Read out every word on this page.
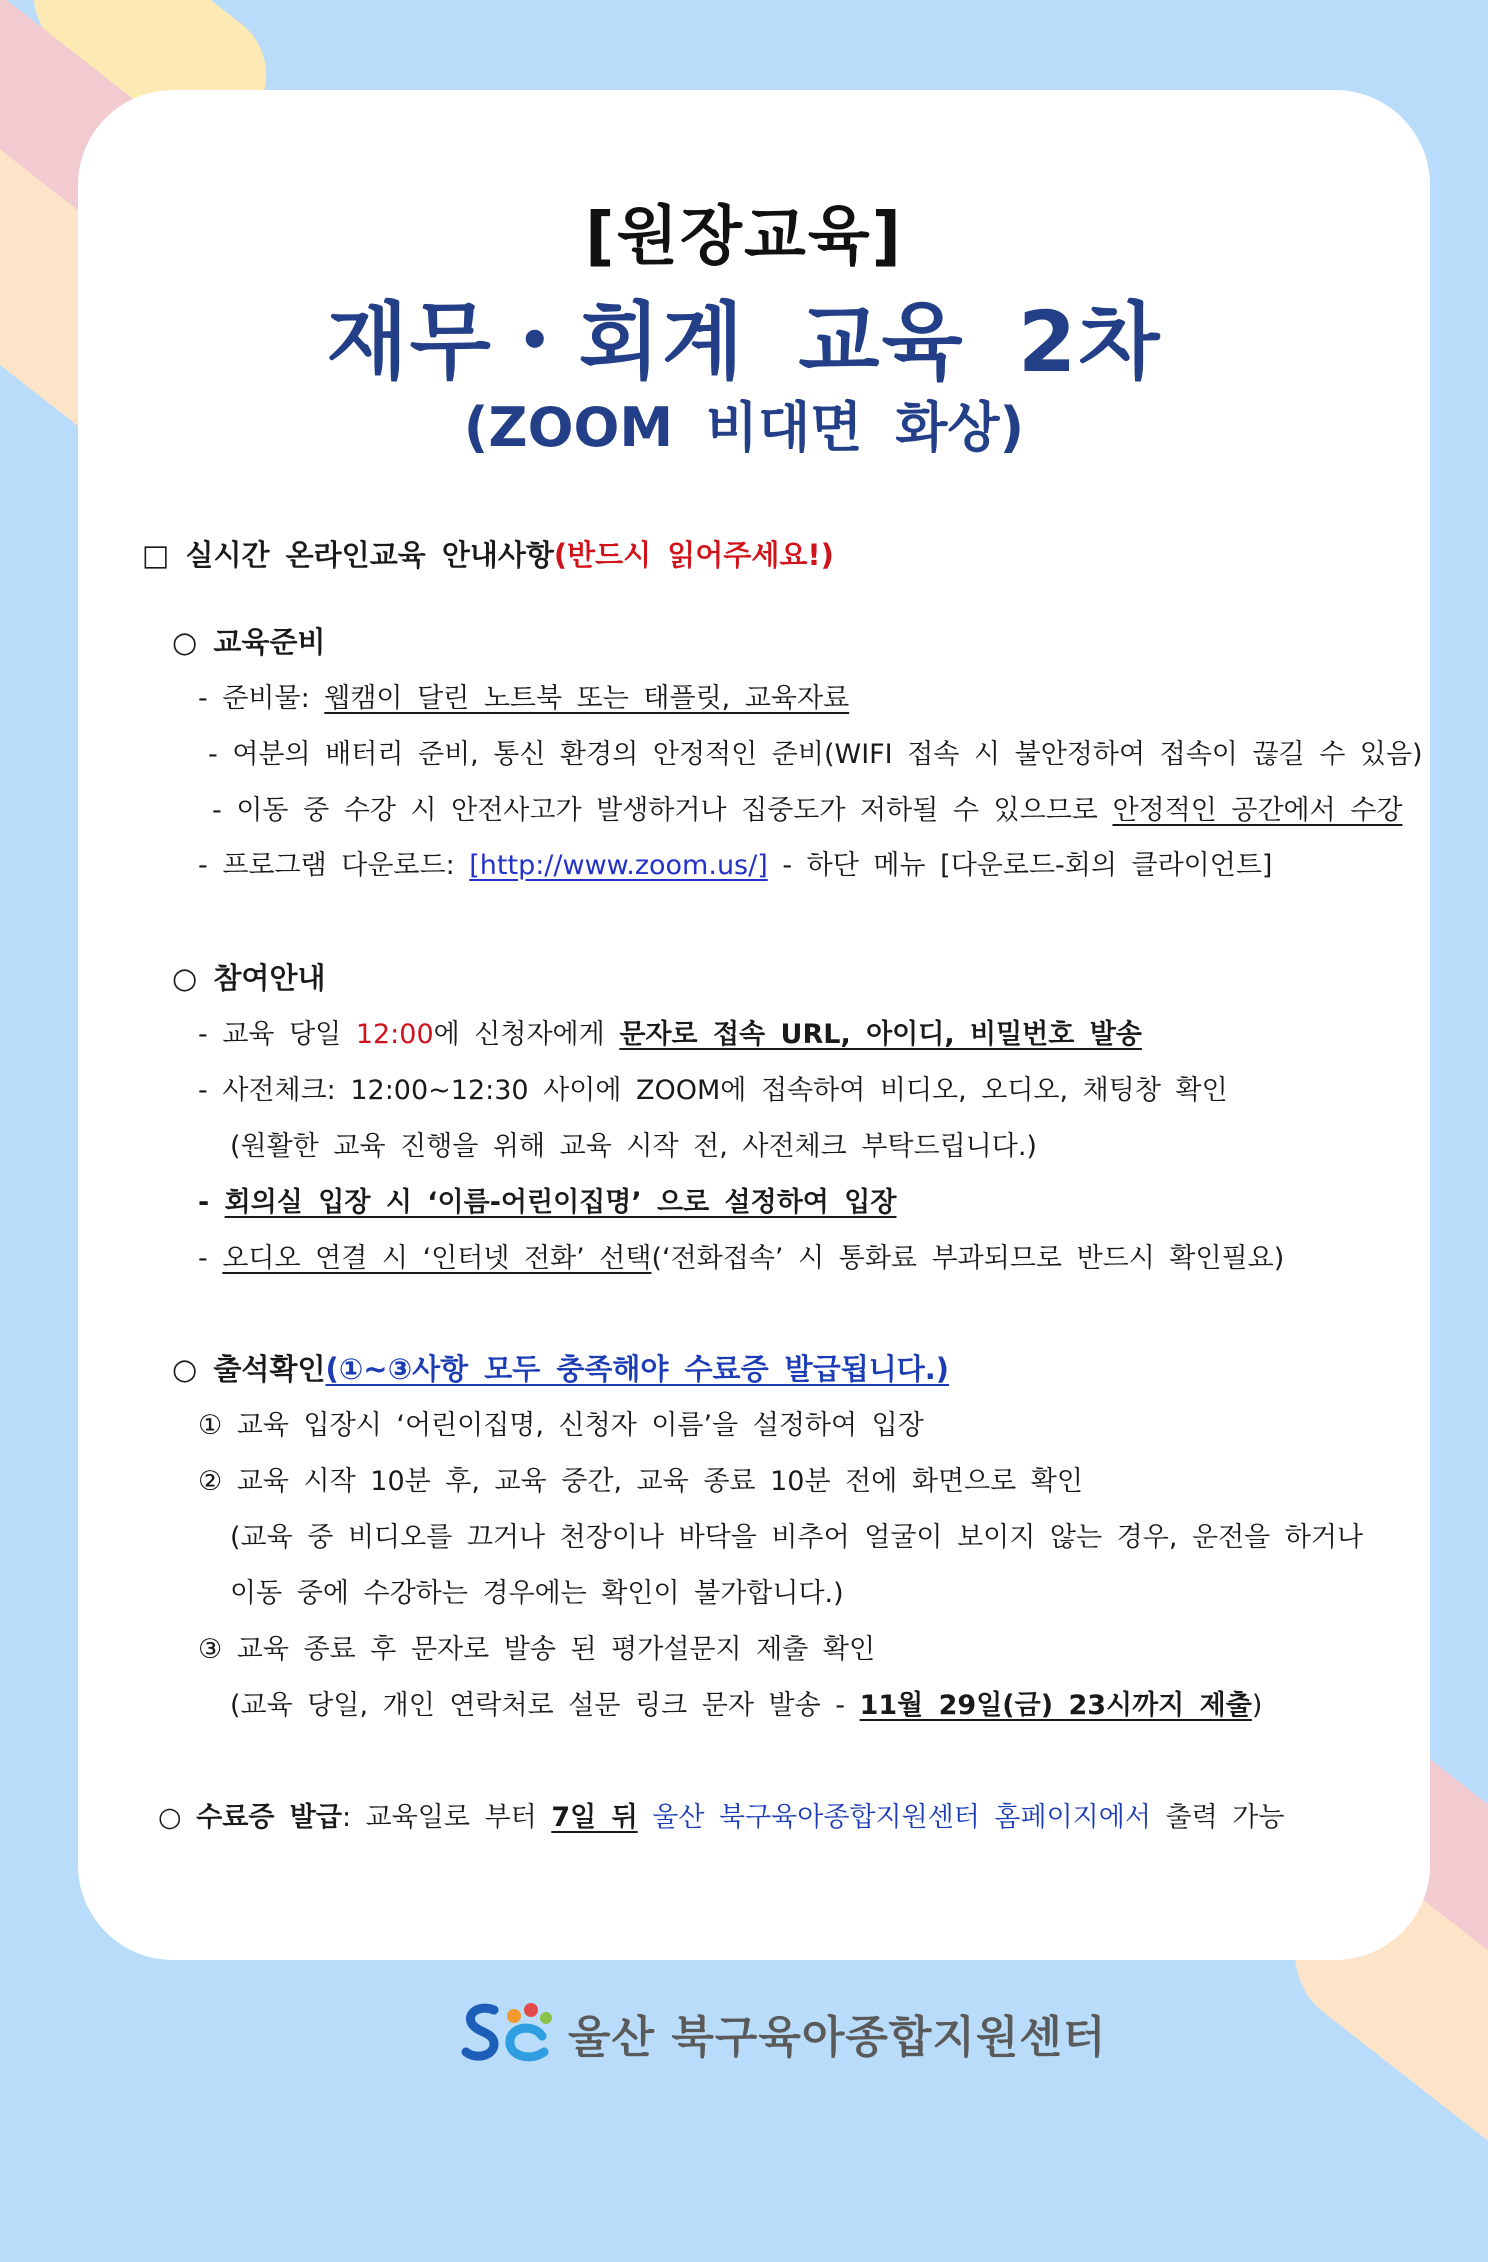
[원장교육]
재무・회계 교육 2차
(ZOOM 비대면 화상)
□ 실시간 온라인교육 안내사항(반드시 읽어주세요!)
○ 교육준비
- 준비물: 웹캠이 달린 노트북 또는 태플릿, 교육자료
- 여분의 배터리 준비, 통신 환경의 안정적인 준비(WIFI 접속 시 불안정하여 접속이 끊길 수 있음)
- 이동 중 수강 시 안전사고가 발생하거나 집중도가 저하될 수 있으므로 안정적인 공간에서 수강
- 프로그램 다운로드: [http://www.zoom.us/] - 하단 메뉴 [다운로드-회의 클라이언트]
○ 참여안내
- 교육 당일 12:00에 신청자에게 문자로 접속 URL, 아이디, 비밀번호 발송
- 사전체크: 12:00~12:30 사이에 ZOOM에 접속하여 비디오, 오디오, 채팅창 확인
(원활한 교육 진행을 위해 교육 시작 전, 사전체크 부탁드립니다.)
- 회의실 입장 시 ‘이름-어린이집명’ 으로 설정하여 입장
- 오디오 연결 시 ‘인터넷 전화’ 선택(‘전화접속’ 시 통화료 부과되므로 반드시 확인필요)
○ 출석확인(①~③사항 모두 충족해야 수료증 발급됩니다.)
① 교육 입장시 ‘어린이집명, 신청자 이름’을 설정하여 입장
② 교육 시작 10분 후, 교육 중간, 교육 종료 10분 전에 화면으로 확인
(교육 중 비디오를 끄거나 천장이나 바닥을 비추어 얼굴이 보이지 않는 경우, 운전을 하거나
이동 중에 수강하는 경우에는 확인이 불가합니다.)
③ 교육 종료 후 문자로 발송 된 평가설문지 제출 확인
(교육 당일, 개인 연락처로 설문 링크 문자 발송 - 11월 29일(금) 23시까지 제출)
○ 수료증 발급: 교육일로 부터 7일 뒤 울산 북구육아종합지원센터 홈페이지에서 출력 가능
울산 북구육아종합지원센터
